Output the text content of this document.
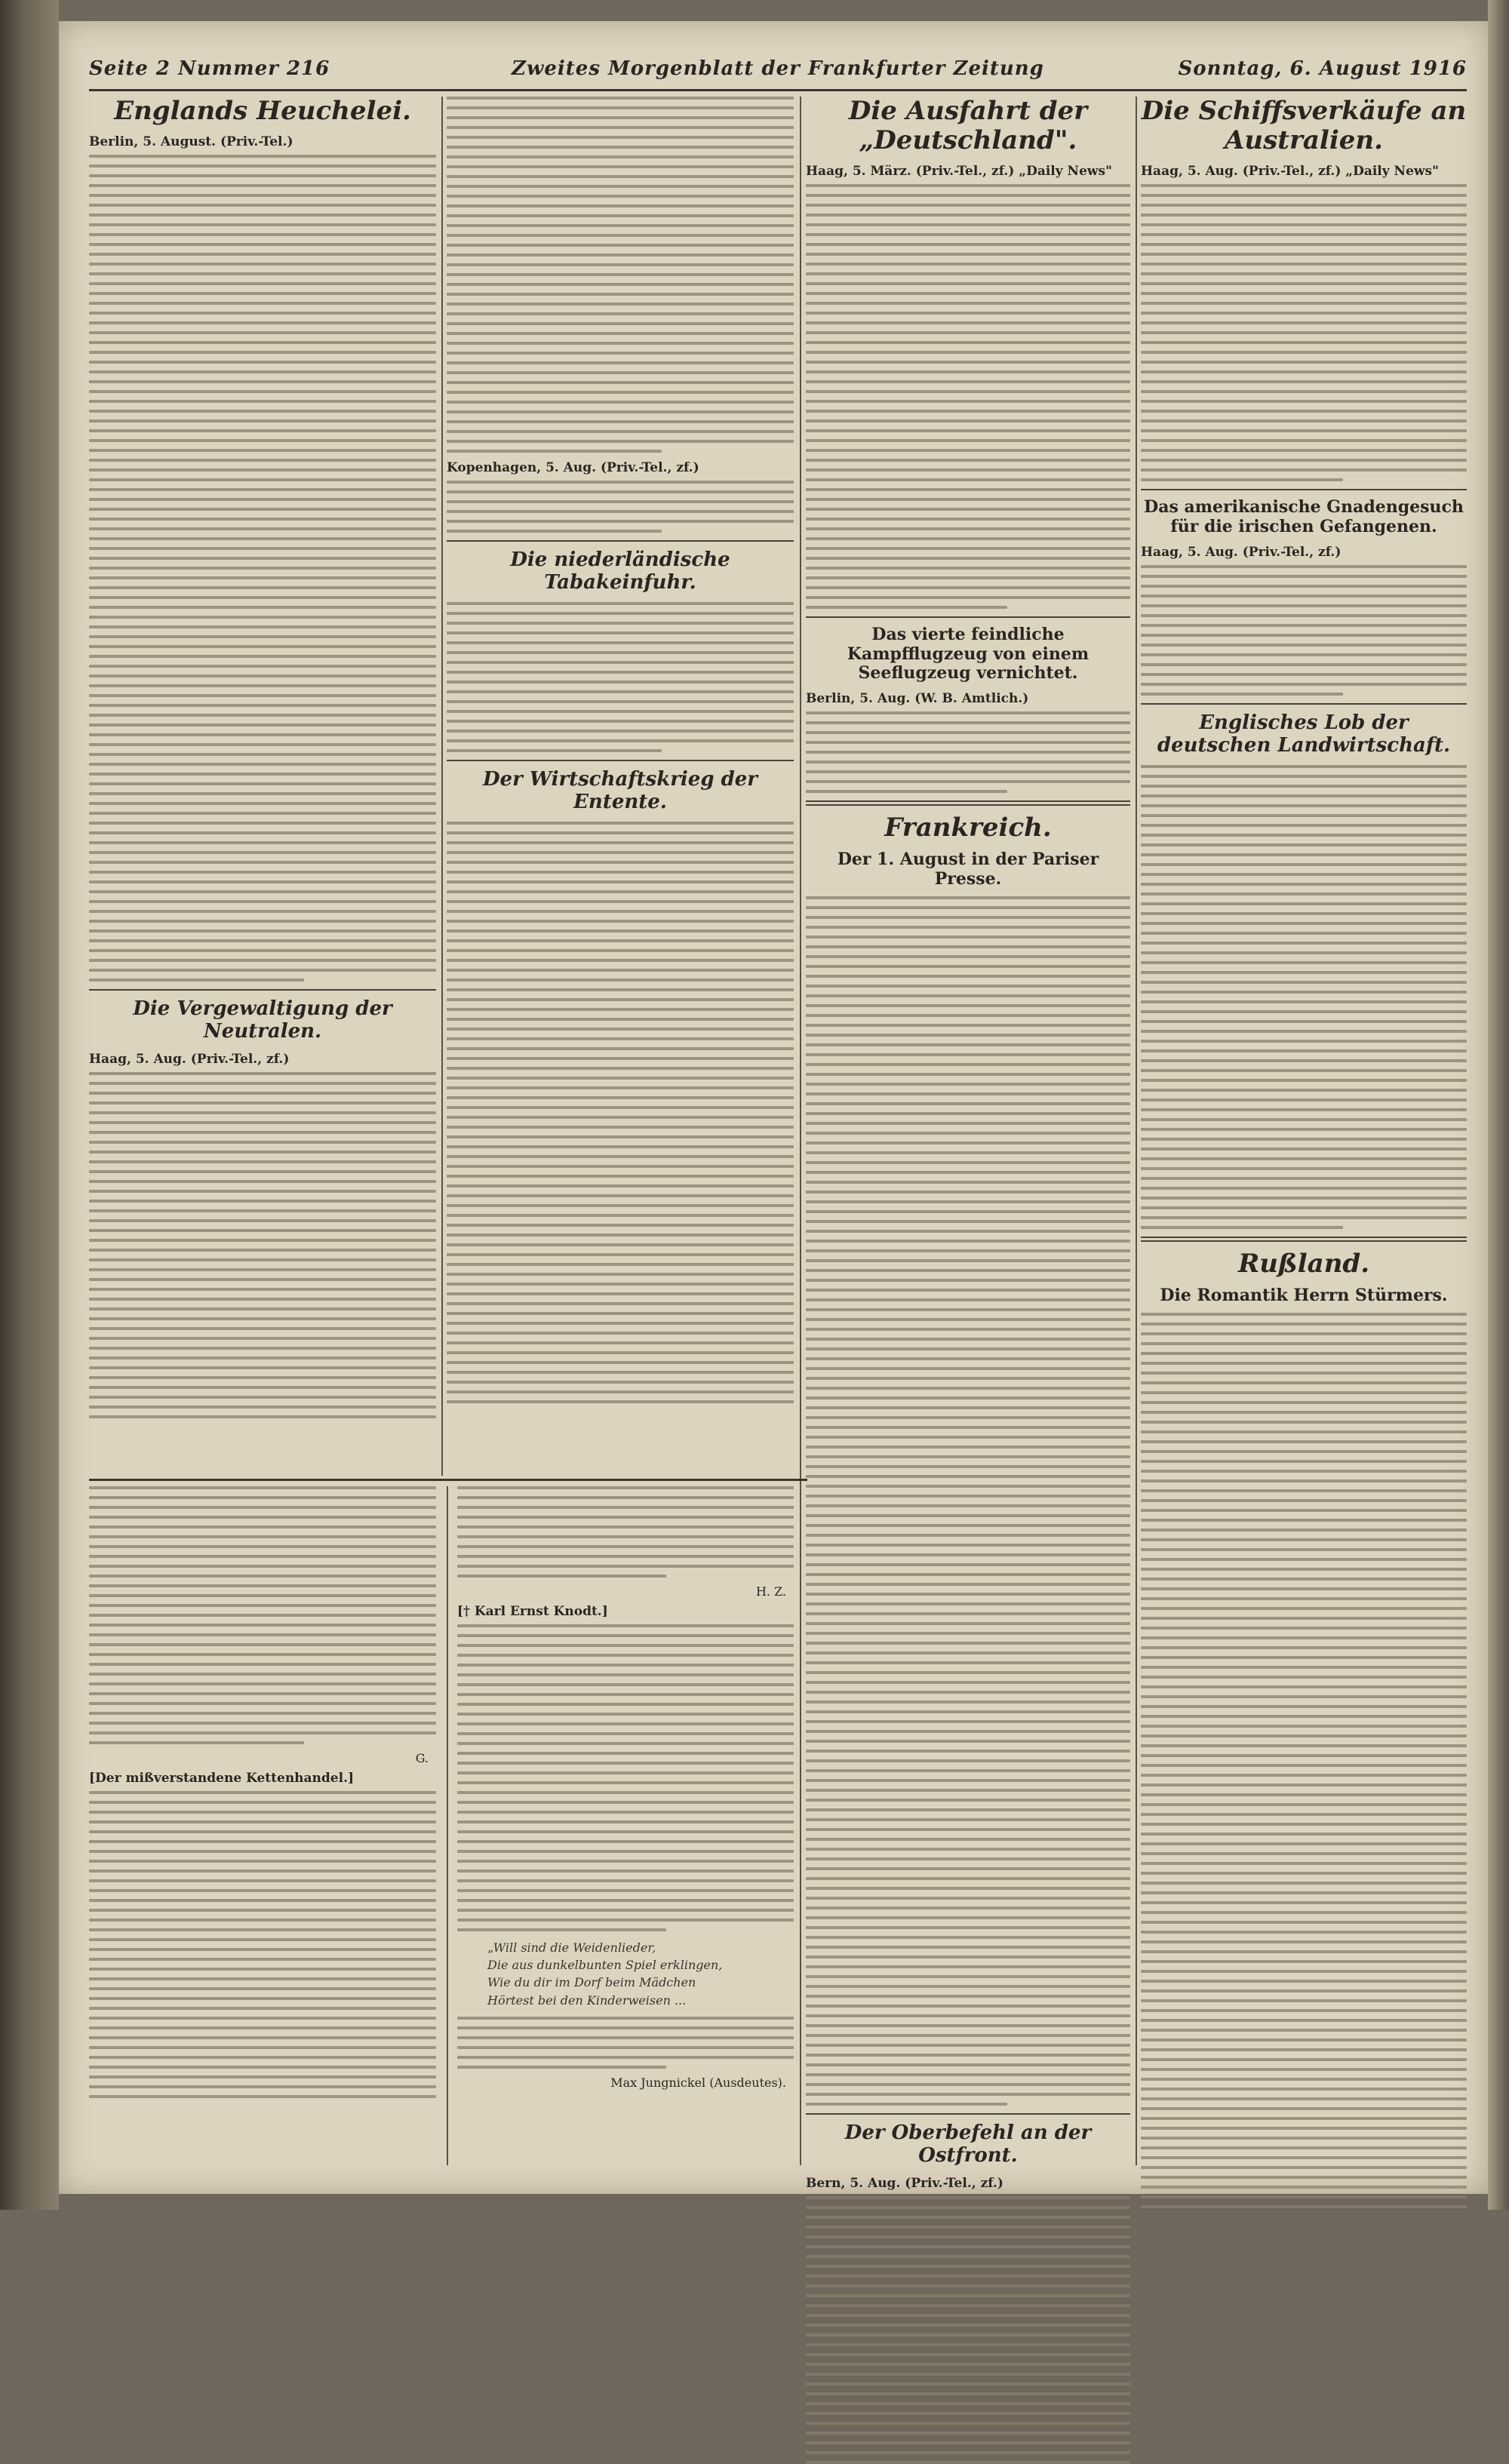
Seite 2 Nummer 216	Zweites Morgenblatt der Frankfurter Zeitung	Sonntag, 6. August 1916
Englands Heuchelei.
Berlin, 5. August. (Priv.-Tel.)
Die Vergewaltigung der Neutralen.
Haag, 5. Aug. (Priv.-Tel., zf.)
Kopenhagen, 5. Aug. (Priv.-Tel., zf.)
Die niederländische Tabakeinfuhr.
Der Wirtschaftskrieg der Entente.
Die Ausfahrt der „Deutschland".
Haag, 5. März. (Priv.-Tel., zf.) „Daily News"
Das vierte feindliche Kampfflugzeug von einem Seeflugzeug vernichtet.
Berlin, 5. Aug. (W. B. Amtlich.)
Frankreich.
Der 1. August in der Pariser Presse.
Der Oberbefehl an der Ostfront.
Bern, 5. Aug. (Priv.-Tel., zf.)
Die Schiffsverkäufe an Australien.
Haag, 5. Aug. (Priv.-Tel., zf.) „Daily News"
Das amerikanische Gnadengesuch für die irischen Gefangenen.
Haag, 5. Aug. (Priv.-Tel., zf.)
Englisches Lob der deutschen Landwirtschaft.
Rußland.
Die Romantik Herrn Stürmers.
G.
[Der mißverstandene Kettenhandel.]
H. Z.
[† Karl Ernst Knodt.]
„Will sind die Weidenlieder,
Die aus dunkelbunten Spiel erklingen,
Wie du dir im Dorf beim Mädchen
Hörtest bei den Kinderweisen ...
Max Jungnickel (Ausdeutes).
